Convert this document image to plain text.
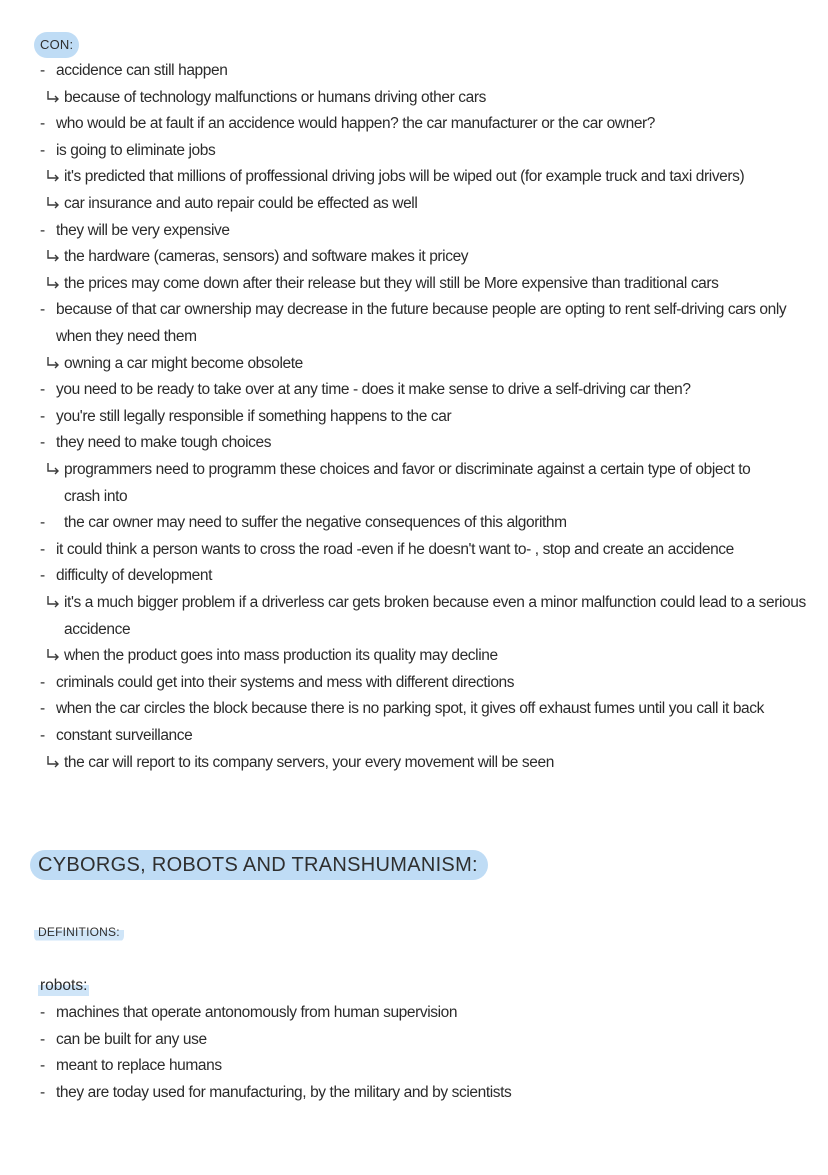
CON:
- accidence can still happen
because of technology malfunctions or humans driving other cars
- who would be at fault if an accidence would happen? the car manufacturer or the car owner?
- is going to eliminate jobs
it's predicted that millions of proffessional driving jobs will be wiped out (for example truck and taxi drivers)
car insurance and auto repair could be effected as well
- they will be very expensive
the hardware (cameras, sensors) and software makes it pricey
the prices may come down after their release but they will still be More expensive than traditional cars
- because of that car ownership may decrease in the future because people are opting to rent self-driving cars only
when they need them
owning a car might become obsolete
- you need to be ready to take over at any time - does it make sense to drive a self-driving car then?
- you're still legally responsible if something happens to the car
- they need to make tough choices
programmers need to programm these choices and favor or discriminate against a certain type of object to
crash into
- the car owner may need to suffer the negative consequences of this algorithm
- it could think a person wants to cross the road -even if he doesn't want to- , stop and create an accidence
- difficulty of development
it's a much bigger problem if a driverless car gets broken because even a minor malfunction could lead to a serious
accidence
when the product goes into mass production its quality may decline
- criminals could get into their systems and mess with different directions
- when the car circles the block because there is no parking spot, it gives off exhaust fumes until you call it back
- constant surveillance
the car will report to its company servers, your every movement will be seen
CYBORGS, ROBOTS AND TRANSHUMANISM:
DEFINITIONS:
robots:
- machines that operate antonomously from human supervision
- can be built for any use
- meant to replace humans
- they are today used for manufacturing, by the military and by scientists
